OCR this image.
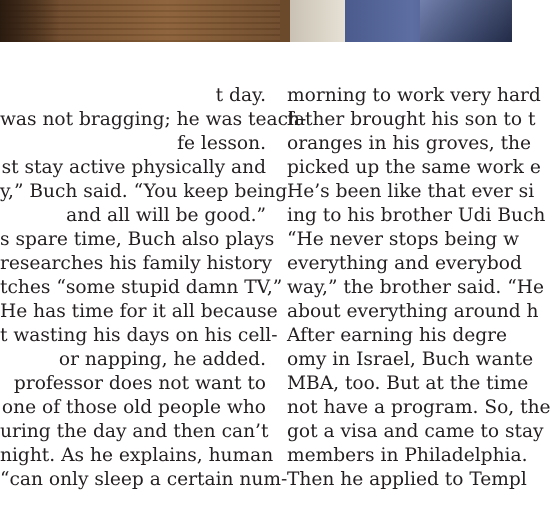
t day.
was not bragging; he was teach-
fe lesson.
st stay active physically and
y,” Buch said. “You keep being
and all will be good.”
s spare time, Buch also plays
researches his family history
tches “some stupid damn TV,”
He has time for it all because
t wasting his days on his cell-
or napping, he added.
professor does not want to
one of those old people who
uring the day and then can’t
night. As he explains, human
“can only sleep a certain num-
morning to work very hard
father brought his son to t
oranges in his groves, the
picked up the same work e
He’s been like that ever si
ing to his brother Udi Buch
“He never stops being w
everything and everybod
way,” the brother said. “He
about everything around h
After earning his degre
omy in Israel, Buch wante
MBA, too. But at the time
not have a program. So, the
got a visa and came to stay
members in Philadelphia.
Then he applied to Templ
